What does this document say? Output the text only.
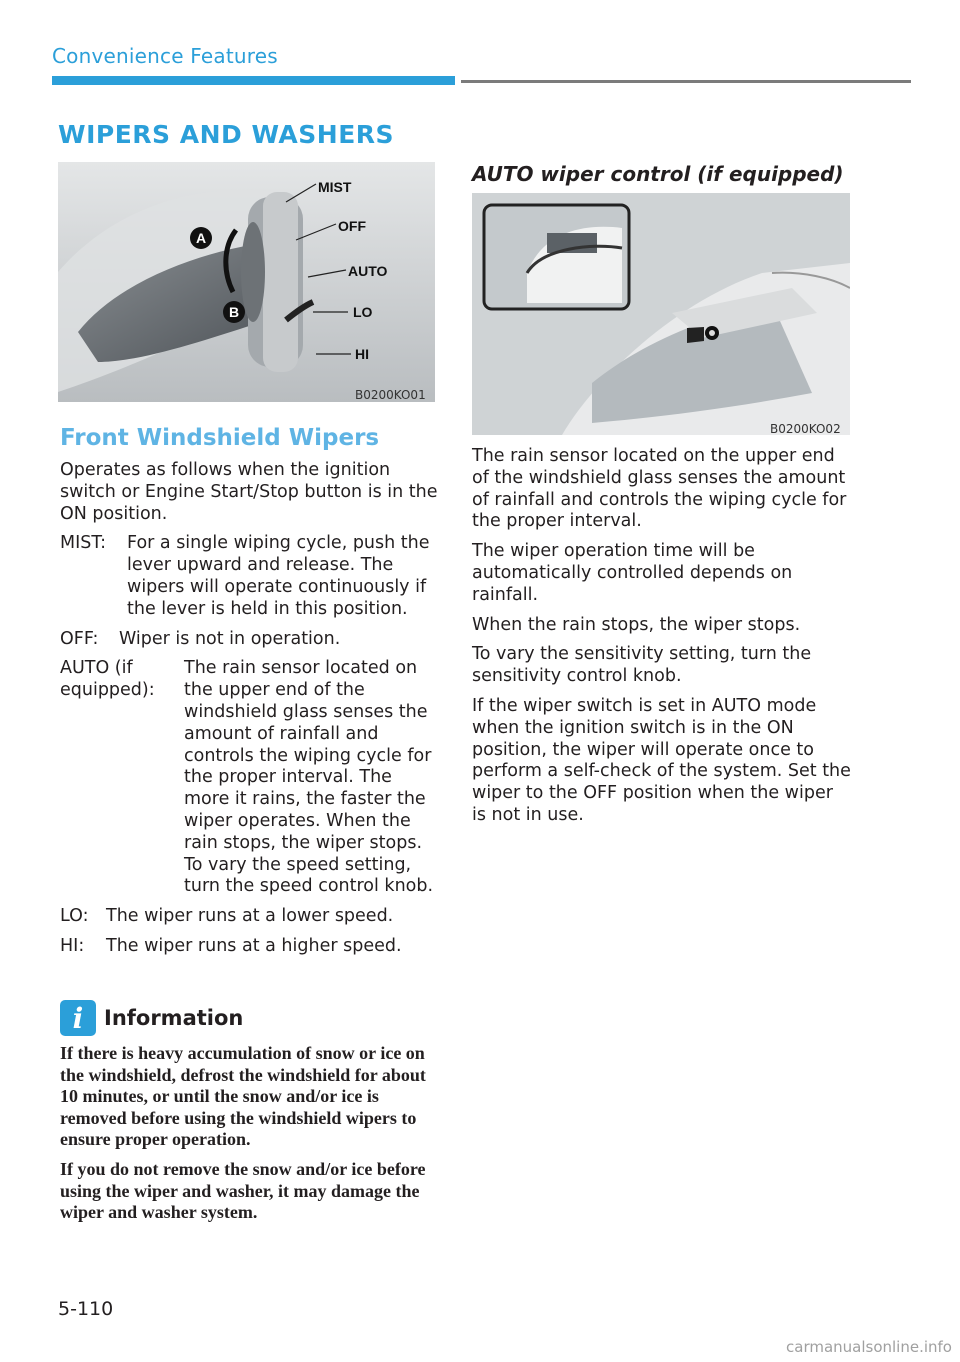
Convenience Features
WIPERS AND WASHERS
MIST
OFF
AUTO
LO
HI
A
B
B0200KO01
Front Windshield Wipers

Operates as follows when the ignition switch or Engine Start/Stop button is in the ON position.

MIST:	For a single wiping cycle, push the lever upward and release. The wipers will operate continuously if the lever is held in this position.
OFF:	Wiper is not in operation.
AUTO (if equipped):
The rain sensor located on the upper end of the windshield glass senses the amount of rainfall and controls the wiping cycle for the proper interval. The more it rains, the faster the wiper operates. When the rain stops, the wiper stops. To vary the speed setting, turn the speed control knob.
LO:	The wiper runs at a lower speed.
HI:	The wiper runs at a higher speed.
i Information

If there is heavy accumulation of snow or ice on the windshield, defrost the windshield for about 10 minutes, or until the snow and/or ice is removed before using the windshield wipers to ensure proper operation.

If you do not remove the snow and/or ice before using the wiper and washer, it may damage the wiper and washer system.

AUTO wiper control (if equipped)
B0200KO02

The rain sensor located on the upper end of the windshield glass senses the amount of rainfall and controls the wiping cycle for the proper interval.

The wiper operation time will be automatically controlled depends on rainfall.

When the rain stops, the wiper stops.

To vary the sensitivity setting, turn the sensitivity control knob.

If the wiper switch is set in AUTO mode when the ignition switch is in the ON position, the wiper will operate once to perform a self-check of the system. Set the wiper to the OFF position when the wiper is not in use.

5-110
carmanualsonline.info
